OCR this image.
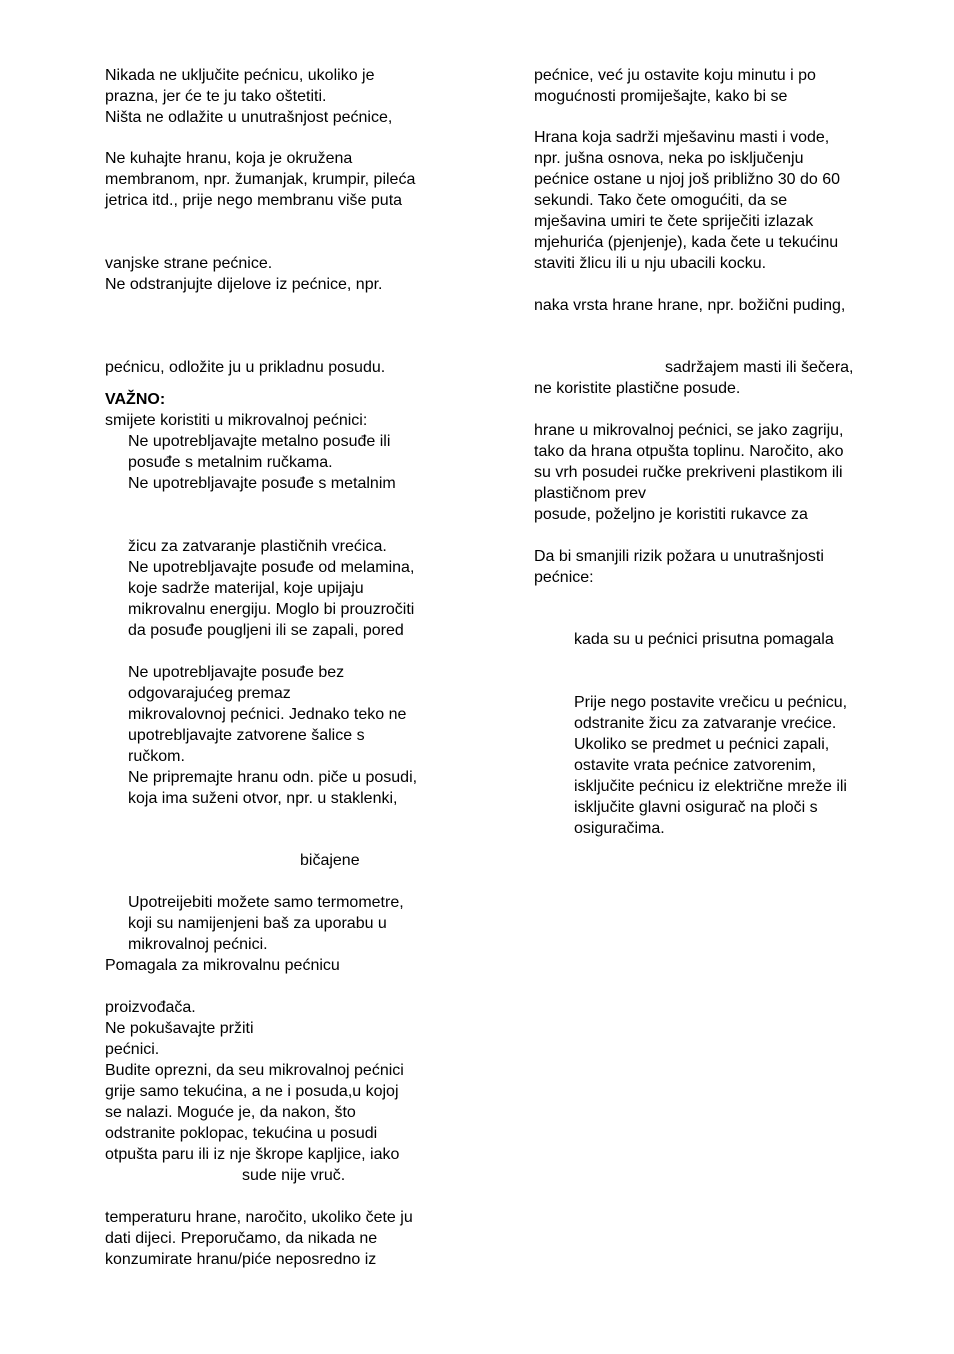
Nikada ne uključite pećnicu, ukoliko je
prazna, jer će te ju tako oštetiti.
Ništa ne odlažite u unutrašnjost pećnice,
Ne kuhajte hranu, koja je okružena
membranom, npr. žumanjak, krumpir, pileća
jetrica itd., prije nego membranu više puta
vanjske strane pećnice.
Ne odstranjujte dijelove iz pećnice, npr.
pećnicu, odložite ju u prikladnu posudu.
VAŽNO:
smijete koristiti u mikrovalnoj pećnici:
Ne upotrebljavajte metalno posuđe ili
posuđe s metalnim ručkama.
Ne upotrebljavajte posuđe s metalnim
žicu za zatvaranje plastičnih vrećica.
Ne upotrebljavajte posuđe od melamina,
koje sadrže materijal, koje upijaju
mikrovalnu energiju. Moglo bi prouzročiti
da posuđe pougljeni ili se zapali, pored
Ne upotrebljavajte posuđe bez
odgovarajućeg premaz
mikrovalovnoj pećnici. Jednako teko ne
upotrebljavajte zatvorene šalice s
ručkom.
Ne pripremajte hranu odn. piče u posudi,
koja ima suženi otvor, npr. u staklenki,
bičajene
Upotreijebiti možete samo termometre,
koji su namijenjeni baš za uporabu u
mikrovalnoj pećnici.
Pomagala za mikrovalnu pećnicu
proizvođača.
Ne pokušavajte pržiti
pećnici.
Budite oprezni, da seu mikrovalnoj pećnici
grije samo tekućina, a ne i posuda,u kojoj
se nalazi. Moguće je, da nakon, što
odstranite poklopac, tekućina u posudi
otpušta paru ili iz nje škrope kapljice, iako
sude nije vruč.
temperaturu hrane, naročito, ukoliko čete ju
dati dijeci. Preporučamo, da nikada ne
konzumirate hranu/piće neposredno iz
pećnice, već ju ostavite koju minutu i po
mogućnosti promiješajte, kako bi se
Hrana koja sadrži mješavinu masti i vode,
npr. jušna osnova, neka po isključenju
pećnice ostane u njoj još približno 30 do 60
sekundi. Tako čete omogućiti, da se
mješavina umiri te čete spriječiti izlazak
mjehurića (pjenjenje), kada čete u tekućinu
staviti žlicu ili u nju ubacili kocku.
naka vrsta hrane hrane, npr. božični puding,
sadržajem masti ili šečera,
ne koristite plastične posude.
hrane u mikrovalnoj pećnici, se jako zagriju,
tako da hrana otpušta toplinu. Naročito, ako
su vrh posudei ručke prekriveni plastikom ili
plastičnom prev
posude, poželjno je koristiti rukavce za
Da bi smanjili rizik požara u unutrašnjosti
pećnice:
kada su u pećnici prisutna pomagala
Prije nego postavite vrečicu u pećnicu,
odstranite žicu za zatvaranje vrećice.
Ukoliko se predmet u pećnici zapali,
ostavite vrata pećnice zatvorenim,
isključite pećnicu iz električne mreže ili
isključite glavni osigurač na ploči s
osiguračima.
